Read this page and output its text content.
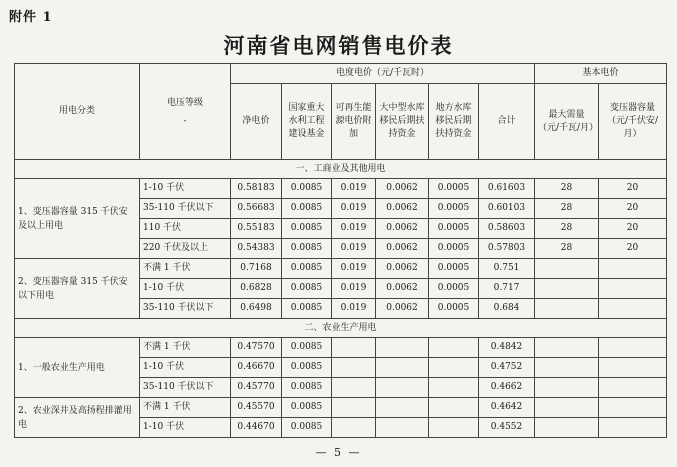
附件 1
河南省电网销售电价表
用电分类	电压等级
-	电度电价（元/千瓦时）						基本电价	
		净电价	国家重大水利工程建设基金	可再生能源电价附加	大中型水库移民后期扶持资金	地方水库移民后期扶持资金	合计	最大需量（元/千瓦/月）	变压器容量（元/千伏安/月）
一、工商业及其他用电									
1、变压器容量 315 千伏安及以上用电	1-10 千伏	0.58183	0.0085	0.019	0.0062	0.0005	0.61603	28	20
	35-110 千伏以下	0.56683	0.0085	0.019	0.0062	0.0005	0.60103	28	20
	110 千伏	0.55183	0.0085	0.019	0.0062	0.0005	0.58603	28	20
	220 千伏及以上	0.54383	0.0085	0.019	0.0062	0.0005	0.57803	28	20
2、变压器容量 315 千伏安以下用电	不满 1 千伏	0.7168	0.0085	0.019	0.0062	0.0005	0.751		
	1-10 千伏	0.6828	0.0085	0.019	0.0062	0.0005	0.717		
	35-110 千伏以下	0.6498	0.0085	0.019	0.0062	0.0005	0.684		
二、农业生产用电									
1、一般农业生产用电	不满 1 千伏	0.47570	0.0085				0.4842		
	1-10 千伏	0.46670	0.0085				0.4752		
	35-110 千伏以下	0.45770	0.0085				0.4662		
2、农业深井及高扬程排灌用电	不满 1 千伏	0.45570	0.0085				0.4642		
	1-10 千伏	0.44670	0.0085				0.4552		
— 5 —
